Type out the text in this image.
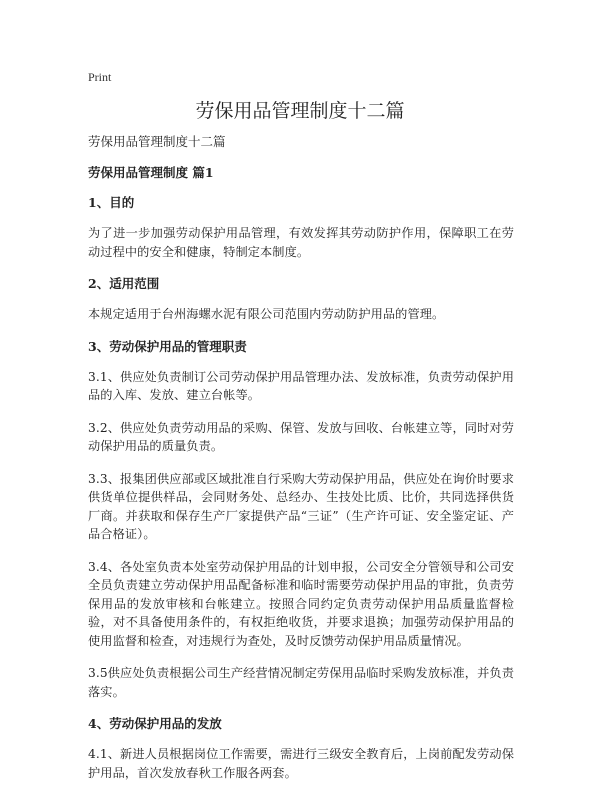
Print
劳保用品管理制度十二篇
劳保用品管理制度十二篇
劳保用品管理制度 篇1
1、目的
为了进一步加强劳动保护用品管理，有效发挥其劳动防护作用，保障职工在劳动过程中的安全和健康，特制定本制度。
2、适用范围
本规定适用于台州海螺水泥有限公司范围内劳动防护用品的管理。
3、劳动保护用品的管理职责
3.1、供应处负责制订公司劳动保护用品管理办法、发放标准，负责劳动保护用品的入库、发放、建立台帐等。
3.2、供应处负责劳动用品的采购、保管、发放与回收、台帐建立等，同时对劳动保护用品的质量负责。
3.3、报集团供应部或区域批准自行采购大劳动保护用品，供应处在询价时要求供货单位提供样品，会同财务处、总经办、生技处比质、比价，共同选择供货厂商。并获取和保存生产厂家提供产品“三证”（生产许可证、安全鉴定证、产品合格证）。
3.4、各处室负责本处室劳动保护用品的计划申报，公司安全分管领导和公司安全员负责建立劳动保护用品配备标准和临时需要劳动保护用品的审批，负责劳保用品的发放审核和台帐建立。按照合同约定负责劳动保护用品质量监督检验，对不具备使用条件的，有权拒绝收货，并要求退换；加强劳动保护用品的使用监督和检查，对违规行为查处，及时反馈劳动保护用品质量情况。
3.5供应处负责根据公司生产经营情况制定劳保用品临时采购发放标准，并负责落实。
4、劳动保护用品的发放
4.1、新进人员根据岗位工作需要，需进行三级安全教育后，上岗前配发劳动保护用品，首次发放春秋工作服各两套。
